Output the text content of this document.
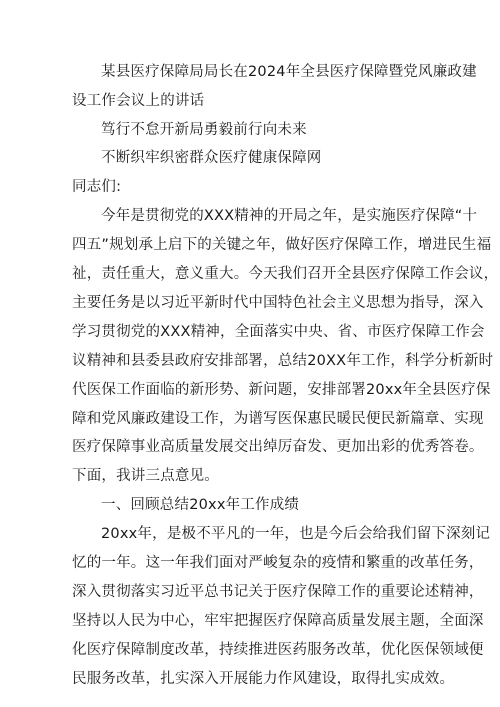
某县医疗保障局局长在2024年全县医疗保障暨党风廉政建
设工作会议上的讲话
笃行不怠开新局勇毅前行向未来
不断织牢织密群众医疗健康保障网
同志们:
今年是贯彻党的XXX精神的开局之年，是实施医疗保障“十
四五”规划承上启下的关键之年，做好医疗保障工作，增进民生福
祉，责任重大，意义重大。今天我们召开全县医疗保障工作会议，
主要任务是以习近平新时代中国特色社会主义思想为指导，深入
学习贯彻党的XXX精神，全面落实中央、省、市医疗保障工作会
议精神和县委县政府安排部署，总结20XX年工作，科学分析新时
代医保工作面临的新形势、新问题，安排部署20xx年全县医疗保
障和党风廉政建设工作，为谱写医保惠民暖民便民新篇章、实现
医疗保障事业高质量发展交出绰厉奋发、更加出彩的优秀答卷。
下面，我讲三点意见。
一、回顾总结20xx年工作成绩
20xx年，是极不平凡的一年，也是今后会给我们留下深刻记
忆的一年。这一年我们面对严峻复杂的疫情和繁重的改革任务，
深入贯彻落实习近平总书记关于医疗保障工作的重要论述精神，
坚持以人民为中心，牢牢把握医疗保障高质量发展主题，全面深
化医疗保障制度改革，持续推进医药服务改革，优化医保领域便
民服务改革，扎实深入开展能力作风建设，取得扎实成效。
